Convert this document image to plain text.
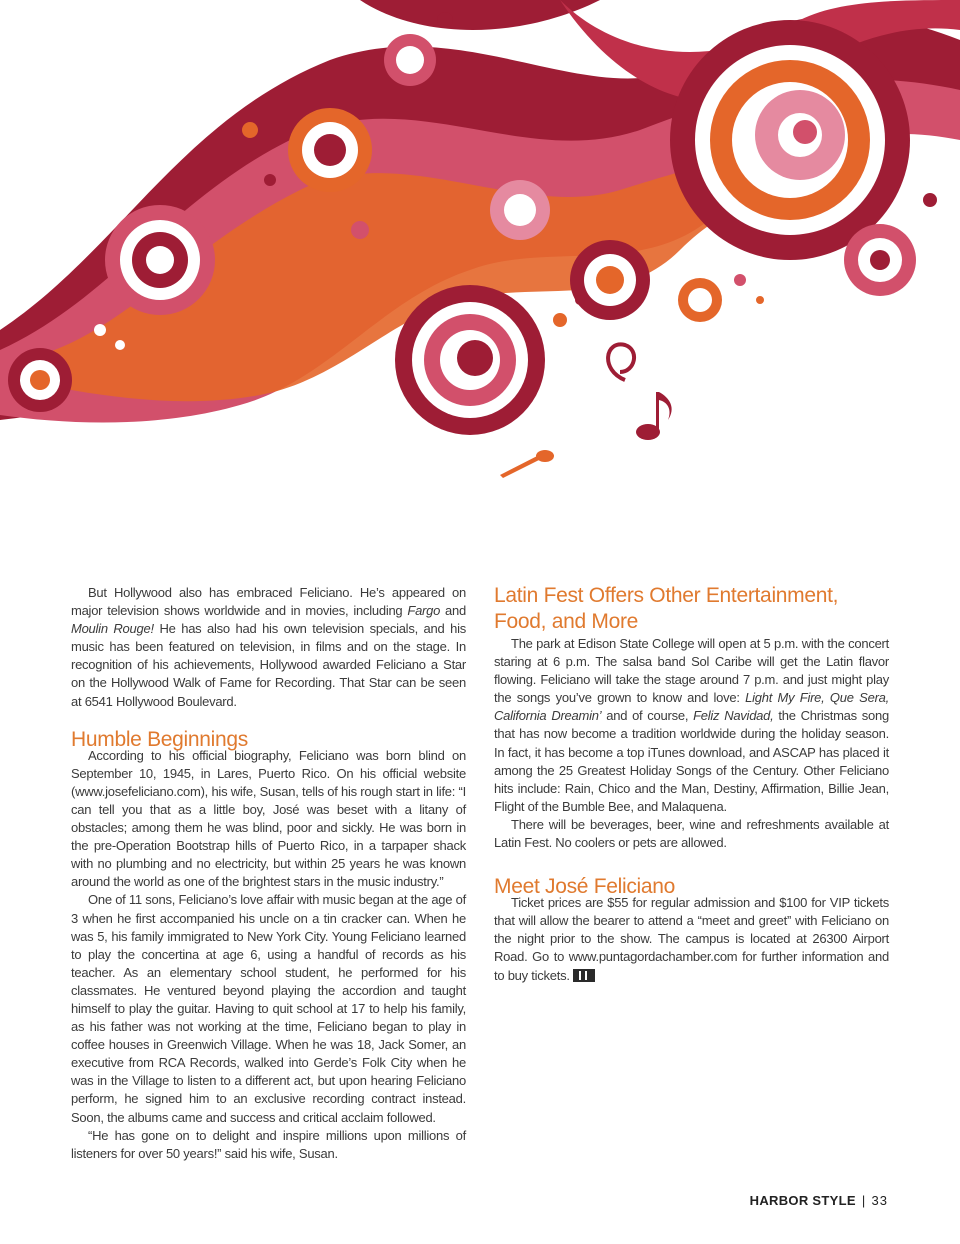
But Hollywood also has embraced Feliciano. He’s appeared on major television shows worldwide and in movies, including Fargo and Moulin Rouge! He has also had his own television specials, and his music has been featured on television, in films and on the stage. In recognition of his achievements, Hollywood awarded Feliciano a Star on the Hollywood Walk of Fame for Recording. That Star can be seen at 6541 Hollywood Boulevard.

Humble Beginnings

According to his official biography, Feliciano was born blind on September 10, 1945, in Lares, Puerto Rico. On his official website (www.josefeliciano.com), his wife, Susan, tells of his rough start in life: “I can tell you that as a little boy, José was beset with a litany of obstacles; among them he was blind, poor and sickly. He was born in the pre-Operation Bootstrap hills of Puerto Rico, in a tarpaper shack with no plumbing and no electricity, but within 25 years he was known around the world as one of the brightest stars in the music industry.”

One of 11 sons, Feliciano’s love affair with music began at the age of 3 when he first accompanied his uncle on a tin cracker can. When he was 5, his family immigrated to New York City. Young Feliciano learned to play the concertina at age 6, using a handful of records as his teacher. As an elementary school student, he performed for his classmates. He ventured beyond playing the accordion and taught himself to play the guitar. Having to quit school at 17 to help his family, as his father was not working at the time, Feliciano began to play in coffee houses in Greenwich Village. When he was 18, Jack Somer, an executive from RCA Records, walked into Gerde’s Folk City when he was in the Village to listen to a different act, but upon hearing Feliciano perform, he signed him to an exclusive recording contract instead. Soon, the albums came and success and critical acclaim followed.

“He has gone on to delight and inspire millions upon millions of listeners for over 50 years!” said his wife, Susan.

Latin Fest Offers Other Entertainment, Food, and More

The park at Edison State College will open at 5 p.m. with the concert staring at 6 p.m. The salsa band Sol Caribe will get the Latin flavor flowing. Feliciano will take the stage around 7 p.m. and just might play the songs you’ve grown to know and love: Light My Fire, Que Sera, California Dreamin’ and of course, Feliz Navidad, the Christmas song that has now become a tradition worldwide during the holiday season. In fact, it has become a top iTunes download, and ASCAP has placed it among the 25 Greatest Holiday Songs of the Century. Other Feliciano hits include: Rain, Chico and the Man, Destiny, Affirmation, Billie Jean, Flight of the Bumble Bee, and Malaquena.

There will be beverages, beer, wine and refreshments available at Latin Fest. No coolers or pets are allowed.

Meet José Feliciano

Ticket prices are $55 for regular admission and $100 for VIP tickets that will allow the bearer to attend a “meet and greet” with Feliciano on the night prior to the show. The campus is located at 26300 Airport Road. Go to www.puntagordachamber.com for further information and to buy tickets.

HARBOR STYLE | 33
